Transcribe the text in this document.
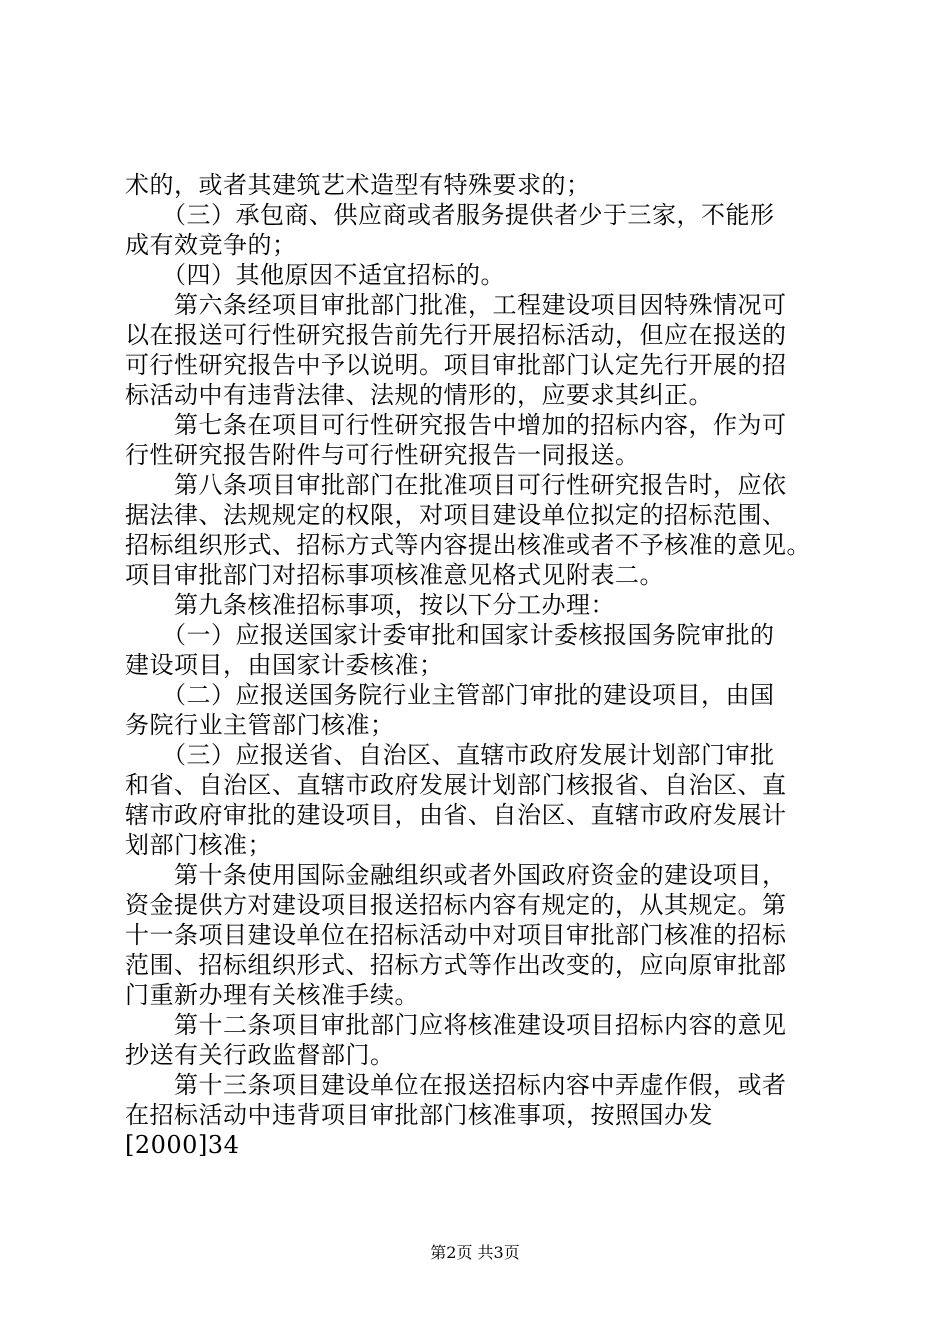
术的，或者其建筑艺术造型有特殊要求的；
　　（三）承包商、供应商或者服务提供者少于三家，不能形
成有效竞争的；
　　（四）其他原因不适宜招标的。
　　第六条经项目审批部门批准，工程建设项目因特殊情况可
以在报送可行性研究报告前先行开展招标活动，但应在报送的
可行性研究报告中予以说明。项目审批部门认定先行开展的招
标活动中有违背法律、法规的情形的，应要求其纠正。
　　第七条在项目可行性研究报告中增加的招标内容，作为可
行性研究报告附件与可行性研究报告一同报送。
　　第八条项目审批部门在批准项目可行性研究报告时，应依
据法律、法规规定的权限，对项目建设单位拟定的招标范围、
招标组织形式、招标方式等内容提出核准或者不予核准的意见。
项目审批部门对招标事项核准意见格式见附表二。
　　第九条核准招标事项，按以下分工办理：
　　（一）应报送国家计委审批和国家计委核报国务院审批的
建设项目，由国家计委核准；
　　（二）应报送国务院行业主管部门审批的建设项目，由国
务院行业主管部门核准；
　　（三）应报送省、自治区、直辖市政府发展计划部门审批
和省、自治区、直辖市政府发展计划部门核报省、自治区、直
辖市政府审批的建设项目，由省、自治区、直辖市政府发展计
划部门核准；
　　第十条使用国际金融组织或者外国政府资金的建设项目，
资金提供方对建设项目报送招标内容有规定的，从其规定。第
十一条项目建设单位在招标活动中对项目审批部门核准的招标
范围、招标组织形式、招标方式等作出改变的，应向原审批部
门重新办理有关核准手续。
　　第十二条项目审批部门应将核准建设项目招标内容的意见
抄送有关行政监督部门。
　　第十三条项目建设单位在报送招标内容中弄虚作假，或者
在招标活动中违背项目审批部门核准事项，按照国办发
[2000]34
第2页 共3页
